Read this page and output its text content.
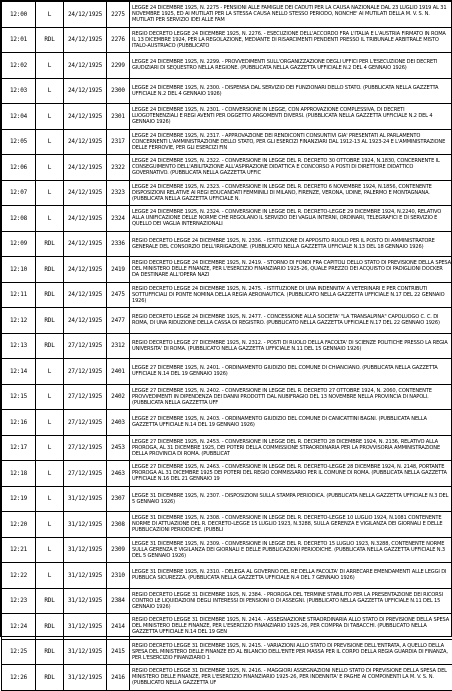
12:00	L	24/12/1925	2275	LEGGE 24 DICEMBRE 1925, N. 2275 - PENSIONI ALLE FAMIGLIE DEI CADUTI PER LA CAUSA NAZIONALE DAL 23 LUGLIO 1919 AL 31 NOVEMBRE 1925, ED AI MUTILATI PER LA STESSA CAUSA NELLO STESSO PERIODO, NONCHE' AI MUTILATI DELLA M. V. S. N. MUTILATI PER SERVIZIO IDEI ALLE FAM

12:01	RDL	24/12/1925	2276	REGIO DECRETO LEGGE 24 DICEMBRE 1925, N. 2276. - ESECUZIONE DELL'ACCORDO FRA L'ITALIA E L'AUSTRIA FIRMATO IN ROMA IL 13 DICEMBRE 1924, PER LA REGOLAZIONE, MEDIANTE DI RISARCIMENTI PENDENTI PRESSO IL TRIBUNALE ARBITRALE MISTO ITALO-AUSTRIACO (PUBBLICATO

12:02	L	24/12/1925	2299	LEGGE 24 DICEMBRE 1925, N. 2299. - PROVVEDIMENTI SULL'ORGANIZZAZIONE DEGLI UFFICI PER L'ESECUZIONE DEI DECRETI GIUDIZIARI DI SEQUESTRO NELLA REGIONE. (PUBBLICATA NELLA GAZZETTA UFFICIALE N.2 DEL 4 GENNAIO 1926)

12:03	L	24/12/1925	2300	LEGGE 24 DICEMBRE 1925, N. 2300. - DISPENSA DAL SERVIZIO DEI FUNZIONARI DELLO STATO. (PUBBLICATA NELLA GAZZETTA UFFICIALE N.2 DEL 4 GENNAIO 1926)

12:04	L	24/12/1925	2301	LEGGE 24 DICEMBRE 1925, N. 2301. - CONVERSIONE IN LEGGE, CON APPROVAZIONE COMPLESSIVA, DI DECRETI LUOGOTENENZIALI E REGI AVENTI PER OGGETTO ARGOMENTI DIVERSI. (PUBBLICATA NELLA GAZZETTA UFFICIALE N.2 DEL 4 GENNAIO 1926)

12:05	L	24/12/1925	2317	LEGGE 24 DICEMBRE 1925, N. 2317. - APPROVAZIONE DEI RENDICONTI CONSUNTIVI GIA' PRESENTATI AL PARLAMENTO CONCERNENTI L'AMMINISTRAZIONE DELLO STATO, PER GLI ESERCIZI FINANZIARI DAL 1912-13 AL 1923-24 E L'AMMINISTRAZIONE DELLE FERROVIE, PER GLI ESERCIZI FIN

12:06	L	24/12/1925	2322	LEGGE 24 DICEMBRE 1925, N. 2322. - CONVERSIONE IN LEGGE DEL R. DECRETO 30 OTTOBRE 1924, N.1830, CONCERNENTE IL CONSEGUIMENTO DELL'ABILITAZIONE ALL'ASPIRAZIONE DIDATTICA E CONCORSO A POSTI DI DIRETTORE DIDATTICO GOVERNATIVO. (PUBBLICATA NELLA GAZZETTA UFFIC

12:07	L	24/12/1925	2323	LEGGE 24 DICEMBRE 1925, N. 2323. - CONVERSIONE IN LEGGE DEL R. DECRETO 6 NOVEMBRE 1924, N.1856, CONTENENTE DISPOSIZIONI RELATIVE AI REGI EDUCANDATI FEMMINILI DI MILANO, FIRENZE, VERONA, UDINE, PALERMO E MONTAGNANA. (PUBBLICATA NELLA GAZZETTA UFFICIALE N.

12:08	L	24/12/1925	2324	LEGGE 24 DICEMBRE 1925, N. 2324. - CONVERSIONE IN LEGGE DEL R. DECRETO-LEGGE 29 DICEMBRE 1924, N.2240, RELATIVO ALLA UNIFICAZIONE DELLE NORME CHE REGOLANO IL SERVIZIO DEI VAGLIA INTERNI, ORDINARI, TELEGRAFICI E DI SERVIZIO E QUELLO DEI VAGLIA INTERNAZIONALI

12:09	RDL	24/12/1925	2336	REGIO DECRETO LEGGE 24 DICEMBRE 1925, N. 2336. - ISTITUZIONE DI APPOSITO RUOLO PER IL POSTO DI AMMINISTRATORE GENERALE DEL CONSORZIO DELL'IRRIGAZIONE. (PUBBLICATO NELLA GAZZETTA UFFICIALE N.13 DEL 18 GENNAIO 1926)

12:10	RDL	24/12/1925	2419	REGIO DECRETO LEGGE 24 DICEMBRE 1925, N. 2419. - STORNO DI FONDI FRA CAPITOLI DELLO STATO DI PREVISIONE DELLA SPESA DEL MINISTERO DELLE FINANZE, PER L'ESERCIZIO FINANZIARIO 1925-26, QUALE PREZZO DEI ACQUISTO DI PADIGLIONI DOCKER DA DESTINARE ALL'OPERA NAZI

12:11	RDL	24/12/1925	2475	REGIO DECRETO LEGGE 24 DICEMBRE 1925, N. 2475. - ISTITUZIONE DI UNA INDENNITA' A VETERINARI E PER CONTRIBUTI SOTTUFFICIALI DI PONTE NOMINA DELLA REGIA AERONAUTICA. (PUBBLICATO NELLA GAZZETTA UFFICIALE N.17 DEL 22 GENNAIO 1926)

12:12	RDL	24/12/1925	2477	REGIO DECRETO LEGGE 24 DICEMBRE 1925, N. 2477. - CONCESSIONE ALLA SOCIETA' "LA TRANSALPINA" CAPOLUOGO C. C. DI ROMA, DI UNA RIDUZIONE DELLA CASSA DI REGISTRO. (PUBBLICATO NELLA GAZZETTA UFFICIALE N.17 DEL 22 GENNAIO 1926)

12:13	RDL	27/12/1925	2312	REGIO DECRETO LEGGE 27 DICEMBRE 1925, N. 2312. - POSTI DI RUOLO DELLA FACOLTA' DI SCIENZE POLITICHE PRESSO LA REGIA UNIVERSITA' DI ROMA. (PUBBLICATO NELLA GAZZETTA UFFICIALE N.11 DEL 15 GENNAIO 1926)

12:14	L	27/12/1925	2401	LEGGE 27 DICEMBRE 1925, N. 2401. - ORDINAMENTO GIUDIZIO DEL COMUNE DI CHIANCIANO. (PUBBLICATA NELLA GAZZETTA UFFICIALE N.14 DEL 19 GENNAIO 1926)

12:15	L	27/12/1925	2402	LEGGE 27 DICEMBRE 1925, N. 2402. - CONVERSIONE IN LEGGE DEL R. DECRETO 27 OTTOBRE 1924, N. 2060, CONTENENTE PROVVEDIMENTI IN DIPENDENZA DEI DANNI PRODOTTI DAL NUBIFRAGIO DEL 13 NOVEMBRE NELLA PROVINCIA DI NAPOLI. (PUBBLICATA NELLA GAZZETTA UFF

12:16	L	27/12/1925	2403	LEGGE 27 DICEMBRE 1925, N. 2403. - ORDINAMENTO GIUDIZIO DEL COMUNE DI CANICATTINI BAGNI. (PUBBLICATA NELLA GAZZETTA UFFICIALE N.14 DEL 19 GENNAIO 1926)

12:17	L	27/12/1925	2453	LEGGE 27 DICEMBRE 1925, N. 2453. - CONVERSIONE IN LEGGE DEL R. DECRETO 28 DICEMBRE 1924, N. 2136, RELATIVO ALLA PROROGA, AL 31 DICEMBRE 1925, DEI POTERI DELLA COMMISSIONE STRAORDINARIA PER LA PROVVISORIA AMMINISTRAZIONE DELLA PROVINCIA DI ROMA. (PUBBLICAT

12:18	L	27/12/1925	2463	LEGGE 27 DICEMBRE 1925, N. 2463. - CONVERSIONE IN LEGGE DEL R. DECRETO-LEGGE 28 DICEMBRE 1924, N. 2148, PORTANTE PROROGA AL 31 DICEMBRE 1925 DEI POTERI DEL REGIO COMMISSARIO PER IL COMUNE DI ROMA. (PUBBLICATA NELLA GAZZETTA UFFICIALE N.16 DEL 21 GENNAIO 19

12:19	L	31/12/1925	2307	LEGGE 31 DICEMBRE 1925, N. 2307. - DISPOSIZIONI SULLA STAMPA PERIODICA. (PUBBLICATA NELLA GAZZETTA UFFICIALE N.3 DEL 5 GENNAIO 1926)

12:20	L	31/12/1925	2308	LEGGE 31 DICEMBRE 1925, N. 2308. - CONVERSIONE IN LEGGE DEL R. DECRETO-LEGGE 10 LUGLIO 1924, N.1081 CONTENENTE NORME DI ATTUAZIONE DEL R. DECRETO-LEGGE 15 LUGLIO 1923, N.3288, SULLA GERENZA E VIGILANZA DEI GIORNALI E DELLE PUBBLICAZIONI PERIODICHE. (PUBBLI

12:21	L	31/12/1925	2309	LEGGE 31 DICEMBRE 1925, N. 2309. - CONVERSIONE IN LEGGE DEL R. DECRETO 15 LUGLIO 1923, N.3288, CONTENENTE NORME SULLA GERENZA E VIGILANZA DEI GIORNALI E DELLE PUBBLICAZIONI PERIODICHE. (PUBBLICATA NELLA GAZZETTA UFFICIALE N.3 DEL 5 GENNAIO 1926)

12:22	L	31/12/1925	2310	LEGGE 31 DICEMBRE 1925, N. 2310. - DELEGA AL GOVERNO DEL RE DELLA FACOLTA' DI ARRECARE EMENDAMENTI ALLE LEGGI DI PUBBLICA SICUREZZA. (PUBBLICATA NELLA GAZZETTA UFFICIALE N.4 DEL 7 GENNAIO 1926)

12:23	RDL	31/12/1925	2384	REGIO DECRETO LEGGE 31 DICEMBRE 1925, N. 2384. - PROROGA DEL TERMINE STABILITO PER LA PRESENTAZIONE DEI RICORSI CONTRO LE LIQUIDAZIONI DEGLI INTERESSI DI PENSIONI O DI ASSEGNI. (PUBBLICATO NELLA GAZZETTA UFFICIALE N.11 DEL 15 GENNAIO 1926)

12:24	RDL	31/12/1925	2414	REGIO DECRETO LEGGE 31 DICEMBRE 1925, N. 2414. - ASSEGNAZIONE STRAORDINARIA ALLO STATO DI PREVISIONE DELLA SPESA DEL MINISTERO DELLE FINANZE, PER L'ESERCIZIO FINANZIARIO 1925-26, PER COMPRA DI TABACCHI. (PUBBLICATO NELLA GAZZETTA UFFICIALE N.14 DEL 19 GEN

12:25	RDL	31/12/1925	2415	REGIO DECRETO LEGGE 31 DICEMBRE 1925, N. 2415. - VARIAZIONI ALLO STATO DI PREVISIONE DELL'ENTRATA, A QUELLO DELLA SPESA DEL MINISTERO DELLE FINANZE ED AL BILANCIO DELL'ENTE PER MASSA PER IL CORPO DELLA REGIA GUARDIA DI FINANZA, PER L'ESERCIZIO FINANZIARIO 1

12:26	RDL	31/12/1925	2416	REGIO DECRETO LEGGE 31 DICEMBRE 1925, N. 2416. - MAGGIORI ASSEGNAZIONI NELLO STATO DI PREVISIONE DELLA SPESA DEL MINISTERO DELLE FINANZE, PER L'ESERCIZIO FINANZIARIO 1925-26, PER INDENNITA' E PAGHE AI COMPONENTI LA M. V. S. N. (PUBBLICATO NELLA GAZZETTA UF
